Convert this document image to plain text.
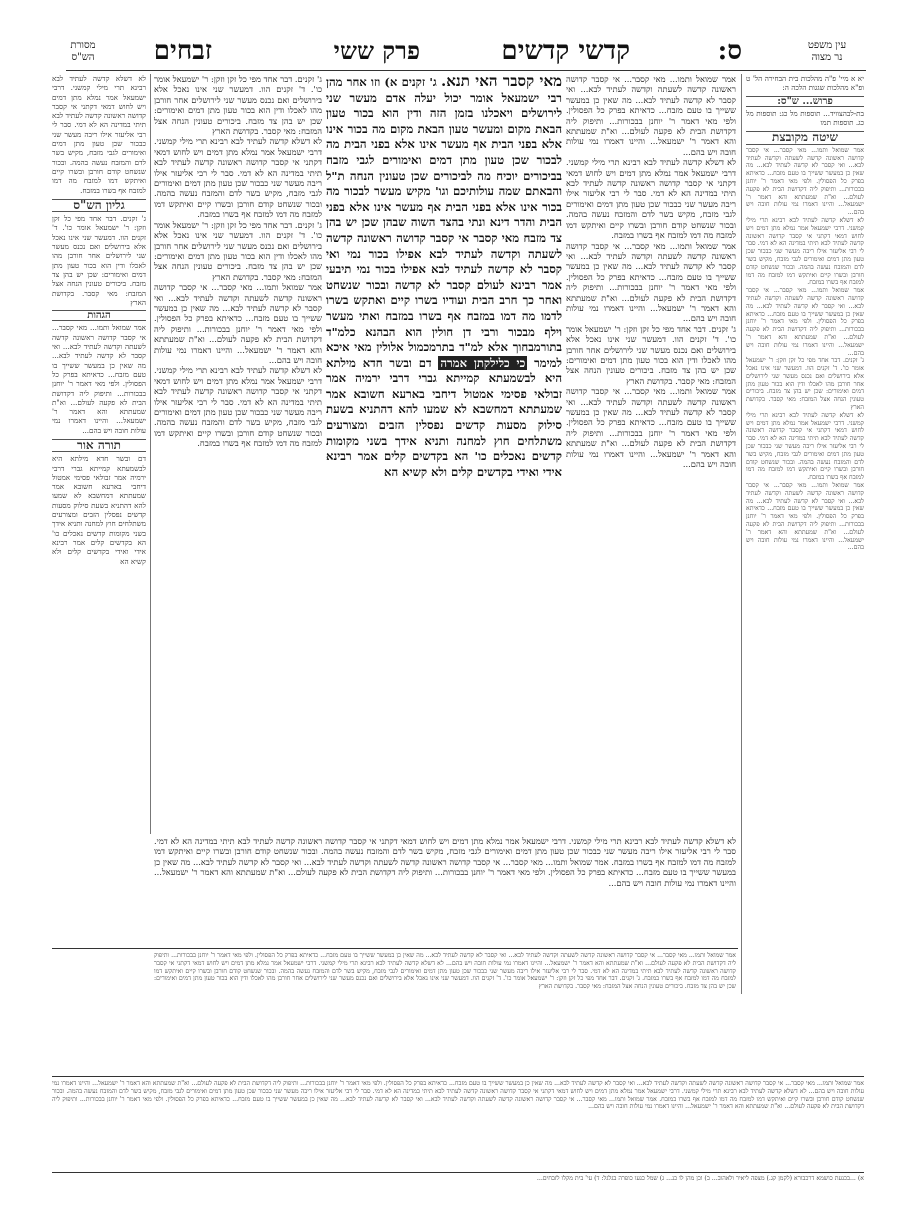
ס:
קדשי קדשים
פרק ששי
זבחים	עין משפט
נר מצוה
מסורת
הש"ס
יא א מיי' פ"ה מהלכות בית הבחירה הל' ט ופ"א מהלכות שגגות הלכה ה:
פרוש... ש"ס:
בת-לבהצוויד... תוספות מל כג: תוספות מל כג. תוספות תמו
שיטה מקובצת
אמר שמואל ותמו... מאי קסבר... אי קסבר קדושה ראשונה קדשה לשעתה וקדשה לעתיד לבא... ואי קסבר לא קדשה לעתיד לבא... מה שאין כן במעשר ששייך בו טעם מזבח... כדאיתא בפרק כל הפסולין. ולפי מאי דאמר ר' יוחנן בבכורות... ותיפוק ליה דקדושת הבית לא פקעה לעולם... וא"ת שמעתתא והא דאמר ר' ישמעאל... והיינו דאמרו נמי עולות חובה ויש בהם...
לא דשלא קדשה לעתיד לבא רבינא תרי מילי קמשני. דרבי ישמעאל אמר נמלא מתן דמים ויש לחוש דמאי דקתני אי קסבר קדושה ראשונה קדשה לעתיד לבא תיתי במדינה הא לא דמי. סבר לי רבי אליעזר אילו ריבה מעשר שני כבכור שכן טעון מתן דמים ואימורים לגבי מזבח, מקיש בשר לדם והמזבח נעשה בהמה. ובכור שנשחט קודם חורבן ובשרו קיים ואיתקש דמו למזבח מה דמו למזבח אף בשרו במזבח.
אמר שמואל ותמו... מאי קסבר... אי קסבר קדושה ראשונה קדשה לשעתה וקדשה לעתיד לבא... ואי קסבר לא קדשה לעתיד לבא... מה שאין כן במעשר ששייך בו טעם מזבח... כדאיתא בפרק כל הפסולין. ולפי מאי דאמר ר' יוחנן בבכורות... ותיפוק ליה דקדושת הבית לא פקעה לעולם... וא"ת שמעתתא והא דאמר ר' ישמעאל... והיינו דאמרו נמי עולות חובה ויש בהם...
ג' זקנים. דבר אחד מפי כל זקן וזקן: ר' ישמעאל אומר כו'. ד' זקנים הוו. דמעשר שני אינו נאכל אלא בירושלים ואם נכנס מעשר שני לירושלים אחר חורבן מהו לאכלו ודין הוא בכור טעון מתן דמים ואימורים: שכן יש בהן צד מזבח. ביכורים טעונין הנחה אצל המזבח: מאי קסבר. בקדושת הארץ
לא דשלא קדשה לעתיד לבא רבינא תרי מילי קמשני. דרבי ישמעאל אמר נמלא מתן דמים ויש לחוש דמאי דקתני אי קסבר קדושה ראשונה קדשה לעתיד לבא תיתי במדינה הא לא דמי. סבר לי רבי אליעזר אילו ריבה מעשר שני כבכור שכן טעון מתן דמים ואימורים לגבי מזבח, מקיש בשר לדם והמזבח נעשה בהמה. ובכור שנשחט קודם חורבן ובשרו קיים ואיתקש דמו למזבח מה דמו למזבח אף בשרו במזבח.
אמר שמואל ותמו... מאי קסבר... אי קסבר קדושה ראשונה קדשה לשעתה וקדשה לעתיד לבא... ואי קסבר לא קדשה לעתיד לבא... מה שאין כן במעשר ששייך בו טעם מזבח... כדאיתא בפרק כל הפסולין. ולפי מאי דאמר ר' יוחנן בבכורות... ותיפוק ליה דקדושת הבית לא פקעה לעולם... וא"ת שמעתתא והא דאמר ר' ישמעאל... והיינו דאמרו נמי עולות חובה ויש בהם...
אמר שמואל ותמו... מאי קסבר... אי קסבר קדושה ראשונה קדשה לשעתה וקדשה לעתיד לבא... ואי קסבר לא קדשה לעתיד לבא... מה שאין כן במעשר ששייך בו טעם מזבח... כדאיתא בפרק כל הפסולין. ולפי מאי דאמר ר' יוחנן בבכורות... ותיפוק ליה דקדושת הבית לא פקעה לעולם... וא"ת שמעתתא והא דאמר ר' ישמעאל... והיינו דאמרו נמי עולות חובה ויש בהם...
לא דשלא קדשה לעתיד לבא רבינא תרי מילי קמשני. דרבי ישמעאל אמר נמלא מתן דמים ויש לחוש דמאי דקתני אי קסבר קדושה ראשונה קדשה לעתיד לבא תיתי במדינה הא לא דמי. סבר לי רבי אליעזר אילו ריבה מעשר שני כבכור שכן טעון מתן דמים ואימורים לגבי מזבח, מקיש בשר לדם והמזבח נעשה בהמה. ובכור שנשחט קודם חורבן ובשרו קיים ואיתקש דמו למזבח מה דמו למזבח אף בשרו במזבח.
אמר שמואל ותמו... מאי קסבר... אי קסבר קדושה ראשונה קדשה לשעתה וקדשה לעתיד לבא... ואי קסבר לא קדשה לעתיד לבא... מה שאין כן במעשר ששייך בו טעם מזבח... כדאיתא בפרק כל הפסולין. ולפי מאי דאמר ר' יוחנן בבכורות... ותיפוק ליה דקדושת הבית לא פקעה לעולם... וא"ת שמעתתא והא דאמר ר' ישמעאל... והיינו דאמרו נמי עולות חובה ויש בהם...
ג' זקנים. דבר אחד מפי כל זקן וזקן: ר' ישמעאל אומר כו'. ד' זקנים הוו. דמעשר שני אינו נאכל אלא בירושלים ואם נכנס מעשר שני לירושלים אחר חורבן מהו לאכלו ודין הוא בכור טעון מתן דמים ואימורים: שכן יש בהן צד מזבח. ביכורים טעונין הנחה אצל המזבח: מאי קסבר. בקדושת הארץ
אמר שמואל ותמו... מאי קסבר... אי קסבר קדושה ראשונה קדשה לשעתה וקדשה לעתיד לבא... ואי קסבר לא קדשה לעתיד לבא... מה שאין כן במעשר ששייך בו טעם מזבח... כדאיתא בפרק כל הפסולין. ולפי מאי דאמר ר' יוחנן בבכורות... ותיפוק ליה דקדושת הבית לא פקעה לעולם... וא"ת שמעתתא והא דאמר ר' ישמעאל... והיינו דאמרו נמי עולות חובה ויש בהם...
מאי קסבר האי תנא. ג' זקנים א) וזו אחר מהן רבי ישמעאל אומר יכול יעלה אדם מעשר שני לירושלים ויאכלנו בזמן הזה ודין הוא בכור טעון הבאת מקום ומעשר טעון הבאת מקום מה בכור אינו אלא בפני הבית אף מעשר אינו אלא בפני הבית מה לבכור שכן טעון מתן דמים ואימורים לגבי מזבח בביכורים יוכיח מה לביכורים שכן טעונין הנחה ת"ל והבאתם שמה עולותיכם וגו' מקיש מעשר לבכור מה בכור אינו אלא בפני הבית אף מעשר אינו אלא בפני הבית והדר דינא ונתי בהצד השוה שבהן שכן יש בהן צד מזבח מאי קסבר אי קסבר קדושה ראשונה קדשה לשעתה וקדשה לעתיד לבא אפילו בכור נמי ואי קסבר לא קדשה לעתיד לבא אפילו בכור נמי תיבעי אמר רבינא לעולם קסבר לא קדשה ובכור שנשחט ואחר כך חרב הבית ועודיו בשרו קיים ואתקש בשרו לדמו מה דמו במזבח אף בשרו במזבח ואתי מעשר וילף מבכור ורבי דן חולין הוא הבהנא כלמ"ד בתורמבחוך אלא למ"ד בתרמכמול אלולין מאי איכא למימר כי כלילקתן אמרה דם ובשר חדא מילתא היא לבשמעתא קמייתא גברי דרבי ירמיה אמר זבולאי פסימי אמטול דיחבי בארעא חשובא אמר שמעתתא דמחשבא לא שמעו להא דהתניא בשעת סילוק מסעות קדשים נפסלין הזבים ומצורעים משתלחים חוץ למחנה ותניא אידך בשני מקומות קדשים נאכלים כו' הא בקדשים קלים אמר רבינא אידי ואידי בקדשים קלים ולא קשיא הא
ג' זקנים. דבר אחד מפי כל זקן וזקן: ר' ישמעאל אומר כו'. ד' זקנים הוו. דמעשר שני אינו נאכל אלא בירושלים ואם נכנס מעשר שני לירושלים אחר חורבן מהו לאכלו ודין הוא בכור טעון מתן דמים ואימורים: שכן יש בהן צד מזבח. ביכורים טעונין הנחה אצל המזבח: מאי קסבר. בקדושת הארץ
לא דשלא קדשה לעתיד לבא רבינא תרי מילי קמשני. דרבי ישמעאל אמר נמלא מתן דמים ויש לחוש דמאי דקתני אי קסבר קדושה ראשונה קדשה לעתיד לבא תיתי במדינה הא לא דמי. סבר לי רבי אליעזר אילו ריבה מעשר שני כבכור שכן טעון מתן דמים ואימורים לגבי מזבח, מקיש בשר לדם והמזבח נעשה בהמה. ובכור שנשחט קודם חורבן ובשרו קיים ואיתקש דמו למזבח מה דמו למזבח אף בשרו במזבח.
ג' זקנים. דבר אחד מפי כל זקן וזקן: ר' ישמעאל אומר כו'. ד' זקנים הוו. דמעשר שני אינו נאכל אלא בירושלים ואם נכנס מעשר שני לירושלים אחר חורבן מהו לאכלו ודין הוא בכור טעון מתן דמים ואימורים: שכן יש בהן צד מזבח. ביכורים טעונין הנחה אצל המזבח: מאי קסבר. בקדושת הארץ
אמר שמואל ותמו... מאי קסבר... אי קסבר קדושה ראשונה קדשה לשעתה וקדשה לעתיד לבא... ואי קסבר לא קדשה לעתיד לבא... מה שאין כן במעשר ששייך בו טעם מזבח... כדאיתא בפרק כל הפסולין. ולפי מאי דאמר ר' יוחנן בבכורות... ותיפוק ליה דקדושת הבית לא פקעה לעולם... וא"ת שמעתתא והא דאמר ר' ישמעאל... והיינו דאמרו נמי עולות חובה ויש בהם...
לא דשלא קדשה לעתיד לבא רבינא תרי מילי קמשני. דרבי ישמעאל אמר נמלא מתן דמים ויש לחוש דמאי דקתני אי קסבר קדושה ראשונה קדשה לעתיד לבא תיתי במדינה הא לא דמי. סבר לי רבי אליעזר אילו ריבה מעשר שני כבכור שכן טעון מתן דמים ואימורים לגבי מזבח, מקיש בשר לדם והמזבח נעשה בהמה. ובכור שנשחט קודם חורבן ובשרו קיים ואיתקש דמו למזבח מה דמו למזבח אף בשרו במזבח.
לא דשלא קדשה לעתיד לבא רבינא תרי מילי קמשני. דרבי ישמעאל אמר נמלא מתן דמים ויש לחוש דמאי דקתני אי קסבר קדושה ראשונה קדשה לעתיד לבא תיתי במדינה הא לא דמי. סבר לי רבי אליעזר אילו ריבה מעשר שני כבכור שכן טעון מתן דמים ואימורים לגבי מזבח, מקיש בשר לדם והמזבח נעשה בהמה. ובכור שנשחט קודם חורבן ובשרו קיים ואיתקש דמו למזבח מה דמו למזבח אף בשרו במזבח.
גליון הש"ס
ג' זקנים. דבר אחד מפי כל זקן וזקן: ר' ישמעאל אומר כו'. ד' זקנים הוו. דמעשר שני אינו נאכל אלא בירושלים ואם נכנס מעשר שני לירושלים אחר חורבן מהו לאכלו ודין הוא בכור טעון מתן דמים ואימורים: שכן יש בהן צד מזבח. ביכורים טעונין הנחה אצל המזבח: מאי קסבר. בקדושת הארץ
הגהות
אמר שמואל ותמו... מאי קסבר... אי קסבר קדושה ראשונה קדשה לשעתה וקדשה לעתיד לבא... ואי קסבר לא קדשה לעתיד לבא... מה שאין כן במעשר ששייך בו טעם מזבח... כדאיתא בפרק כל הפסולין. ולפי מאי דאמר ר' יוחנן בבכורות... ותיפוק ליה דקדושת הבית לא פקעה לעולם... וא"ת שמעתתא והא דאמר ר' ישמעאל... והיינו דאמרו נמי עולות חובה ויש בהם...
תורה אור
דם ובשר חדא מילתא היא לבשמעתא קמייתא גברי דרבי ירמיה אמר זבולאי פסימי אמטול דיחבי בארעא חשובא אמר שמעתתא דמחשבא לא שמעו להא דהתניא בשעת סילוק מסעות קדשים נפסלין הזבים ומצורעים משתלחים חוץ למחנה ותניא אידך בשני מקומות קדשים נאכלים כו' הא בקדשים קלים אמר רבינא אידי ואידי בקדשים קלים ולא קשיא הא
לא דשלא קדשה לעתיד לבא רבינא תרי מילי קמשני. דרבי ישמעאל אמר נמלא מתן דמים ויש לחוש דמאי דקתני אי קסבר קדושה ראשונה קדשה לעתיד לבא תיתי במדינה הא לא דמי. סבר לי רבי אליעזר אילו ריבה מעשר שני כבכור שכן טעון מתן דמים ואימורים לגבי מזבח, מקיש בשר לדם והמזבח נעשה בהמה. ובכור שנשחט קודם חורבן ובשרו קיים ואיתקש דמו למזבח מה דמו למזבח אף בשרו במזבח. אמר שמואל ותמו... מאי קסבר... אי קסבר קדושה ראשונה קדשה לשעתה וקדשה לעתיד לבא... ואי קסבר לא קדשה לעתיד לבא... מה שאין כן במעשר ששייך בו טעם מזבח... כדאיתא בפרק כל הפסולין. ולפי מאי דאמר ר' יוחנן בבכורות... ותיפוק ליה דקדושת הבית לא פקעה לעולם... וא"ת שמעתתא והא דאמר ר' ישמעאל... והיינו דאמרו נמי עולות חובה ויש בהם...
אמר שמואל ותמו... מאי קסבר... אי קסבר קדושה ראשונה קדשה לשעתה וקדשה לעתיד לבא... ואי קסבר לא קדשה לעתיד לבא... מה שאין כן במעשר ששייך בו טעם מזבח... כדאיתא בפרק כל הפסולין. ולפי מאי דאמר ר' יוחנן בבכורות... ותיפוק ליה דקדושת הבית לא פקעה לעולם... וא"ת שמעתתא והא דאמר ר' ישמעאל... והיינו דאמרו נמי עולות חובה ויש בהם... לא דשלא קדשה לעתיד לבא רבינא תרי מילי קמשני. דרבי ישמעאל אמר נמלא מתן דמים ויש לחוש דמאי דקתני אי קסבר קדושה ראשונה קדשה לעתיד לבא תיתי במדינה הא לא דמי. סבר לי רבי אליעזר אילו ריבה מעשר שני כבכור שכן טעון מתן דמים ואימורים לגבי מזבח, מקיש בשר לדם והמזבח נעשה בהמה. ובכור שנשחט קודם חורבן ובשרו קיים ואיתקש דמו למזבח מה דמו למזבח אף בשרו במזבח. ג' זקנים. דבר אחד מפי כל זקן וזקן: ר' ישמעאל אומר כו'. ד' זקנים הוו. דמעשר שני אינו נאכל אלא בירושלים ואם נכנס מעשר שני לירושלים אחר חורבן מהו לאכלו ודין הוא בכור טעון מתן דמים ואימורים: שכן יש בהן צד מזבח. ביכורים טעונין הנחה אצל המזבח: מאי קסבר. בקדושת הארץ
אמר שמואל ותמו... מאי קסבר... אי קסבר קדושה ראשונה קדשה לשעתה וקדשה לעתיד לבא... ואי קסבר לא קדשה לעתיד לבא... מה שאין כן במעשר ששייך בו טעם מזבח... כדאיתא בפרק כל הפסולין. ולפי מאי דאמר ר' יוחנן בבכורות... ותיפוק ליה דקדושת הבית לא פקעה לעולם... וא"ת שמעתתא והא דאמר ר' ישמעאל... והיינו דאמרו נמי עולות חובה ויש בהם... לא דשלא קדשה לעתיד לבא רבינא תרי מילי קמשני. דרבי ישמעאל אמר נמלא מתן דמים ויש לחוש דמאי דקתני אי קסבר קדושה ראשונה קדשה לעתיד לבא תיתי במדינה הא לא דמי. סבר לי רבי אליעזר אילו ריבה מעשר שני כבכור שכן טעון מתן דמים ואימורים לגבי מזבח, מקיש בשר לדם והמזבח נעשה בהמה. ובכור שנשחט קודם חורבן ובשרו קיים ואיתקש דמו למזבח מה דמו למזבח אף בשרו במזבח. אמר שמואל ותמו... מאי קסבר... אי קסבר קדושה ראשונה קדשה לשעתה וקדשה לעתיד לבא... ואי קסבר לא קדשה לעתיד לבא... מה שאין כן במעשר ששייך בו טעם מזבח... כדאיתא בפרק כל הפסולין. ולפי מאי דאמר ר' יוחנן בבכורות... ותיפוק ליה דקדושת הבית לא פקעה לעולם... וא"ת שמעתתא והא דאמר ר' ישמעאל... והיינו דאמרו נמי עולות חובה ויש בהם...
א) ...בכנעת כושמא דרכבורא (לקמן קג.) מצפה ליאיר ולאהוב... ב) וכן מהן לו כנ... ג) שמל כנעו כופרה בגלגל: ד) עי' בית מקלו לזבחים...
